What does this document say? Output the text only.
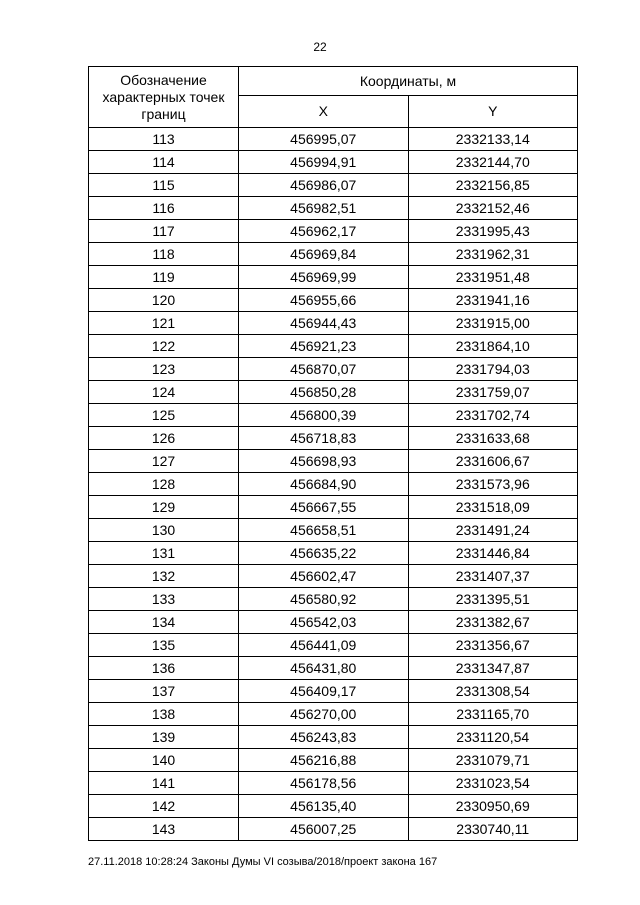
22
Обозначение характерных точек границ	Координаты, м	
	X	Y
113	456995,07	2332133,14
114	456994,91	2332144,70
115	456986,07	2332156,85
116	456982,51	2332152,46
117	456962,17	2331995,43
118	456969,84	2331962,31
119	456969,99	2331951,48
120	456955,66	2331941,16
121	456944,43	2331915,00
122	456921,23	2331864,10
123	456870,07	2331794,03
124	456850,28	2331759,07
125	456800,39	2331702,74
126	456718,83	2331633,68
127	456698,93	2331606,67
128	456684,90	2331573,96
129	456667,55	2331518,09
130	456658,51	2331491,24
131	456635,22	2331446,84
132	456602,47	2331407,37
133	456580,92	2331395,51
134	456542,03	2331382,67
135	456441,09	2331356,67
136	456431,80	2331347,87
137	456409,17	2331308,54
138	456270,00	2331165,70
139	456243,83	2331120,54
140	456216,88	2331079,71
141	456178,56	2331023,54
142	456135,40	2330950,69
143	456007,25	2330740,11
27.11.2018 10:28:24 Законы Думы VI созыва/2018/проект закона 167
